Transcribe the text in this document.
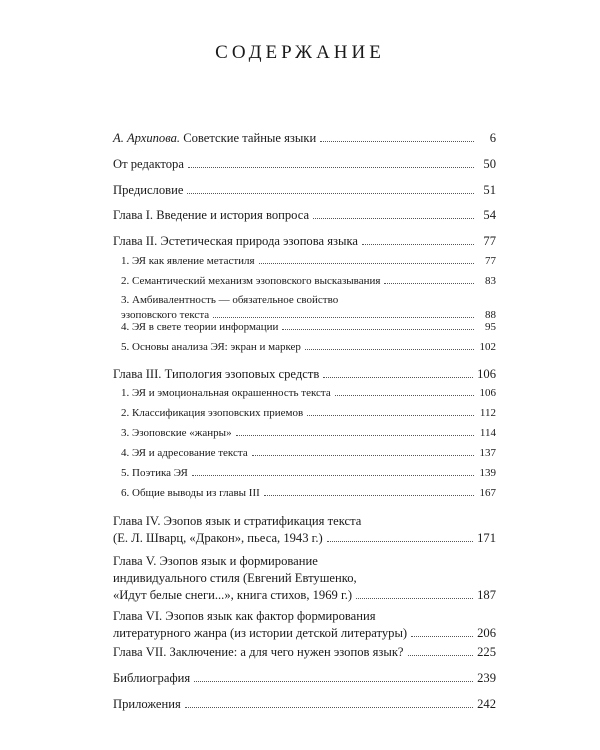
СОДЕРЖАНИЕ
А. Архипова.
Советские тайные языки	6
От редактора	50
Предисловие	51
Глава I. Введение и история вопроса	54
Глава II. Эстетическая природа эзопова языка	77
1. ЭЯ как явление метастиля	77
2. Семантический механизм эзоповского высказывания	83
3. Амбивалентность — обязательное свойство
эзоповского текста	88
4. ЭЯ в свете теории информации	95
5. Основы анализа ЭЯ: экран и маркер	102
Глава III. Типология эзоповых средств	106
1. ЭЯ и эмоциональная окрашенность текста	106
2. Классификация эзоповских приемов	112
3. Эзоповские «жанры»	114
4. ЭЯ и адресование текста	137
5. Поэтика ЭЯ	139
6. Общие выводы из главы III	167
Глава IV. Эзопов язык и стратификация текста
(Е. Л. Шварц, «Дракон», пьеса, 1943 г.)	171
Глава V. Эзопов язык и формирование
индивидуального стиля (Евгений Евтушенко,
«Идут белые снеги...», книга стихов, 1969 г.)	187
Глава VI. Эзопов язык как фактор формирования
литературного жанра (из истории детской литературы)	206
Глава VII. Заключение: а для чего нужен эзопов язык?	225
Библиография	239
Приложения	242
